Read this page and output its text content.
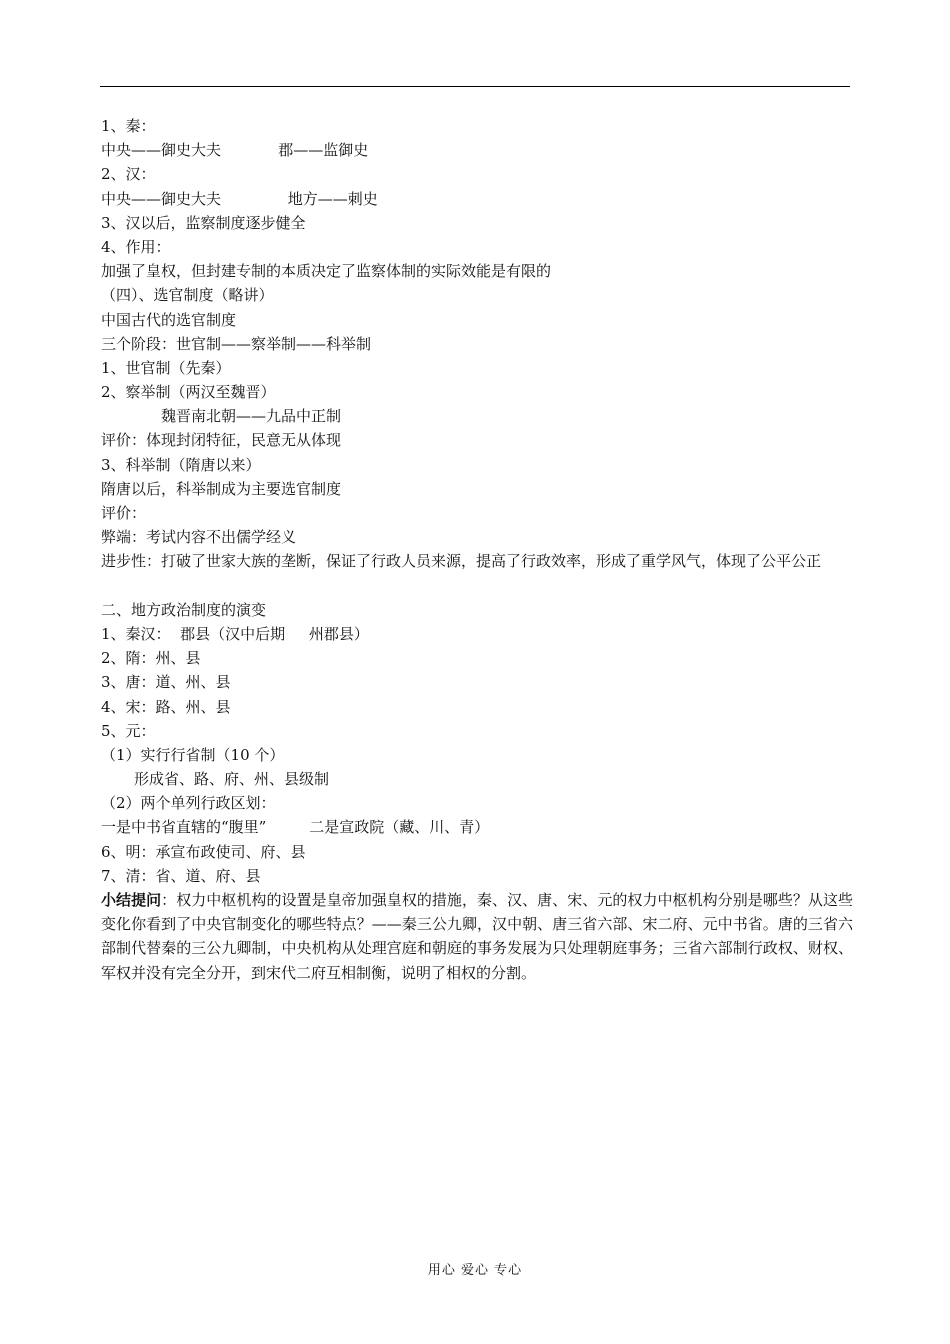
1、秦：
中央——御史大夫            郡——监御史
2、汉：
中央——御史大夫              地方——刺史
3、汉以后，监察制度逐步健全
4、作用：
加强了皇权，但封建专制的本质决定了监察体制的实际效能是有限的
（四）、选官制度（略讲）
中国古代的选官制度
三个阶段：世官制——察举制——科举制
1、世官制（先秦）
2、察举制（两汉至魏晋）
魏晋南北朝——九品中正制
评价：体现封闭特征，民意无从体现
3、科举制（隋唐以来）
隋唐以后，科举制成为主要选官制度
评价：
弊端：考试内容不出儒学经义
进步性：打破了世家大族的垄断，保证了行政人员来源，提高了行政效率，形成了重学风气，体现了公平公正
二、地方政治制度的演变
1、秦汉：  郡县（汉中后期     州郡县）
2、隋：州、县
3、唐：道、州、县
4、宋：路、州、县
5、元：
（1）实行行省制（10 个）
形成省、路、府、州、县级制
（2）两个单列行政区划：
一是中书省直辖的“腹里”         二是宣政院（藏、川、青）
6、明：承宣布政使司、府、县
7、清：省、道、府、县
小结提问：权力中枢机构的设置是皇帝加强皇权的措施，秦、汉、唐、宋、元的权力中枢机构分别是哪些？从这些变化你看到了中央官制变化的哪些特点？——秦三公九卿，汉中朝、唐三省六部、宋二府、元中书省。唐的三省六部制代替秦的三公九卿制，中央机构从处理宫庭和朝庭的事务发展为只处理朝庭事务；三省六部制行政权、财权、军权并没有完全分开，到宋代二府互相制衡，说明了相权的分割。
用心 爱心 专心
